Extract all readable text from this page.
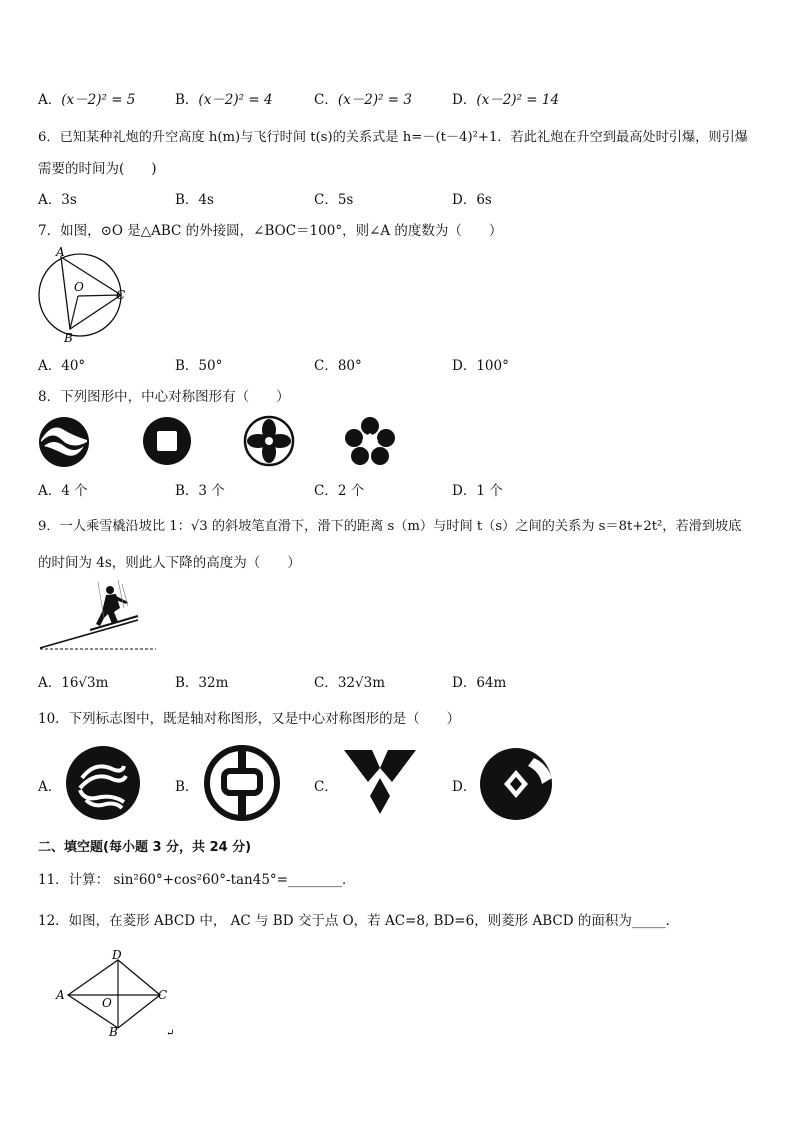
A．(x－2)² = 5	B．(x－2)² = 4	C．(x－2)² = 3	D．(x－2)² = 14
6．已知某种礼炮的升空高度 h(m)与飞行时间 t(s)的关系式是 h=－(t－4)²+1．若此礼炮在升空到最高处时引爆，则引爆
需要的时间为(　　)
A．3s	B．4s	C．5s	D．6s
7．如图，⊙O 是△ABC 的外接圆，∠BOC＝100°，则∠A 的度数为（　　）
A
O
C
B
A．40°	B．50°	C．80°	D．100°
8．下列图形中，中心对称图形有（　　）
A．4 个	B．3 个	C．2 个	D．1 个
9．一人乘雪橇沿坡比 1：√3 的斜坡笔直滑下，滑下的距离 s（m）与时间 t（s）之间的关系为 s＝8t+2t²，若滑到坡底
的时间为 4s，则此人下降的高度为（　　）
A．16√3m	B．32m	C．32√3m	D．64m
10．下列标志图中，既是轴对称图形，又是中心对称图形的是（　　）
A．	B．	C．	D．
二、填空题(每小题 3 分，共 24 分)
11．计算： sin²60°+cos²60°-tan45°=________．
12．如图，在菱形 ABCD 中， AC 与 BD 交于点 O，若 AC=8, BD=6，则菱形 ABCD 的面积为_____．
D
A
O
C
B	↵
